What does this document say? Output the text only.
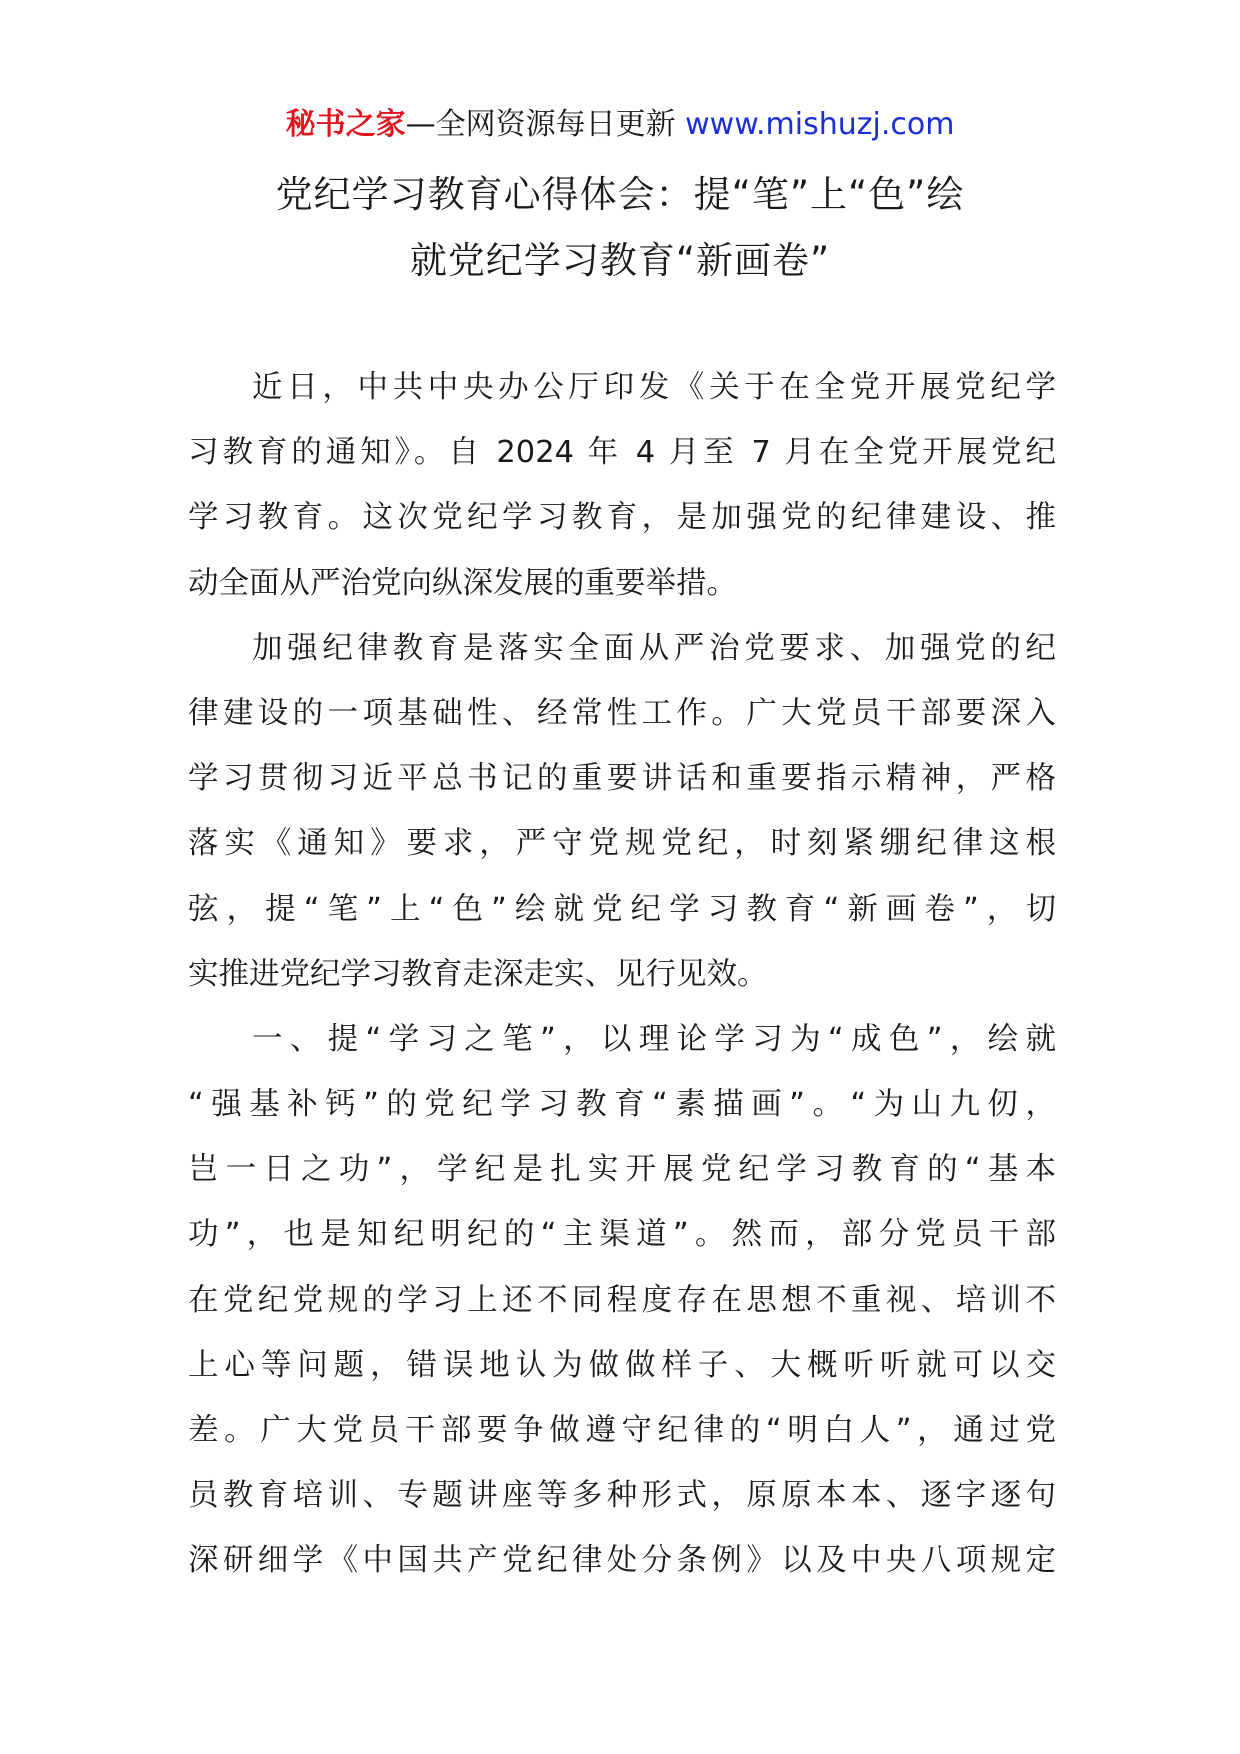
秘书之家—全网资源每日更新 www.mishuzj.com
党纪学习教育心得体会：提“笔”上“色”绘
就党纪学习教育“新画卷”
近日，中共中央办公厅印发《关于在全党开展党纪学
习教育的通知》。自 2024 年 4 月至 7 月在全党开展党纪
学习教育。这次党纪学习教育，是加强党的纪律建设、推
动全面从严治党向纵深发展的重要举措。
加强纪律教育是落实全面从严治党要求、加强党的纪
律建设的一项基础性、经常性工作。广大党员干部要深入
学习贯彻习近平总书记的重要讲话和重要指示精神，严格
落实《通知》要求，严守党规党纪，时刻紧绷纪律这根
弦，提“笔”上“色”绘就党纪学习教育“新画卷”，切
实推进党纪学习教育走深走实、见行见效。
一、提“学习之笔”，以理论学习为“成色”，绘就
“强基补钙”的党纪学习教育“素描画”。“为山九仞，
岂一日之功”，学纪是扎实开展党纪学习教育的“基本
功”，也是知纪明纪的“主渠道”。然而，部分党员干部
在党纪党规的学习上还不同程度存在思想不重视、培训不
上心等问题，错误地认为做做样子、大概听听就可以交
差。广大党员干部要争做遵守纪律的“明白人”，通过党
员教育培训、专题讲座等多种形式，原原本本、逐字逐句
深研细学《中国共产党纪律处分条例》以及中央八项规定
